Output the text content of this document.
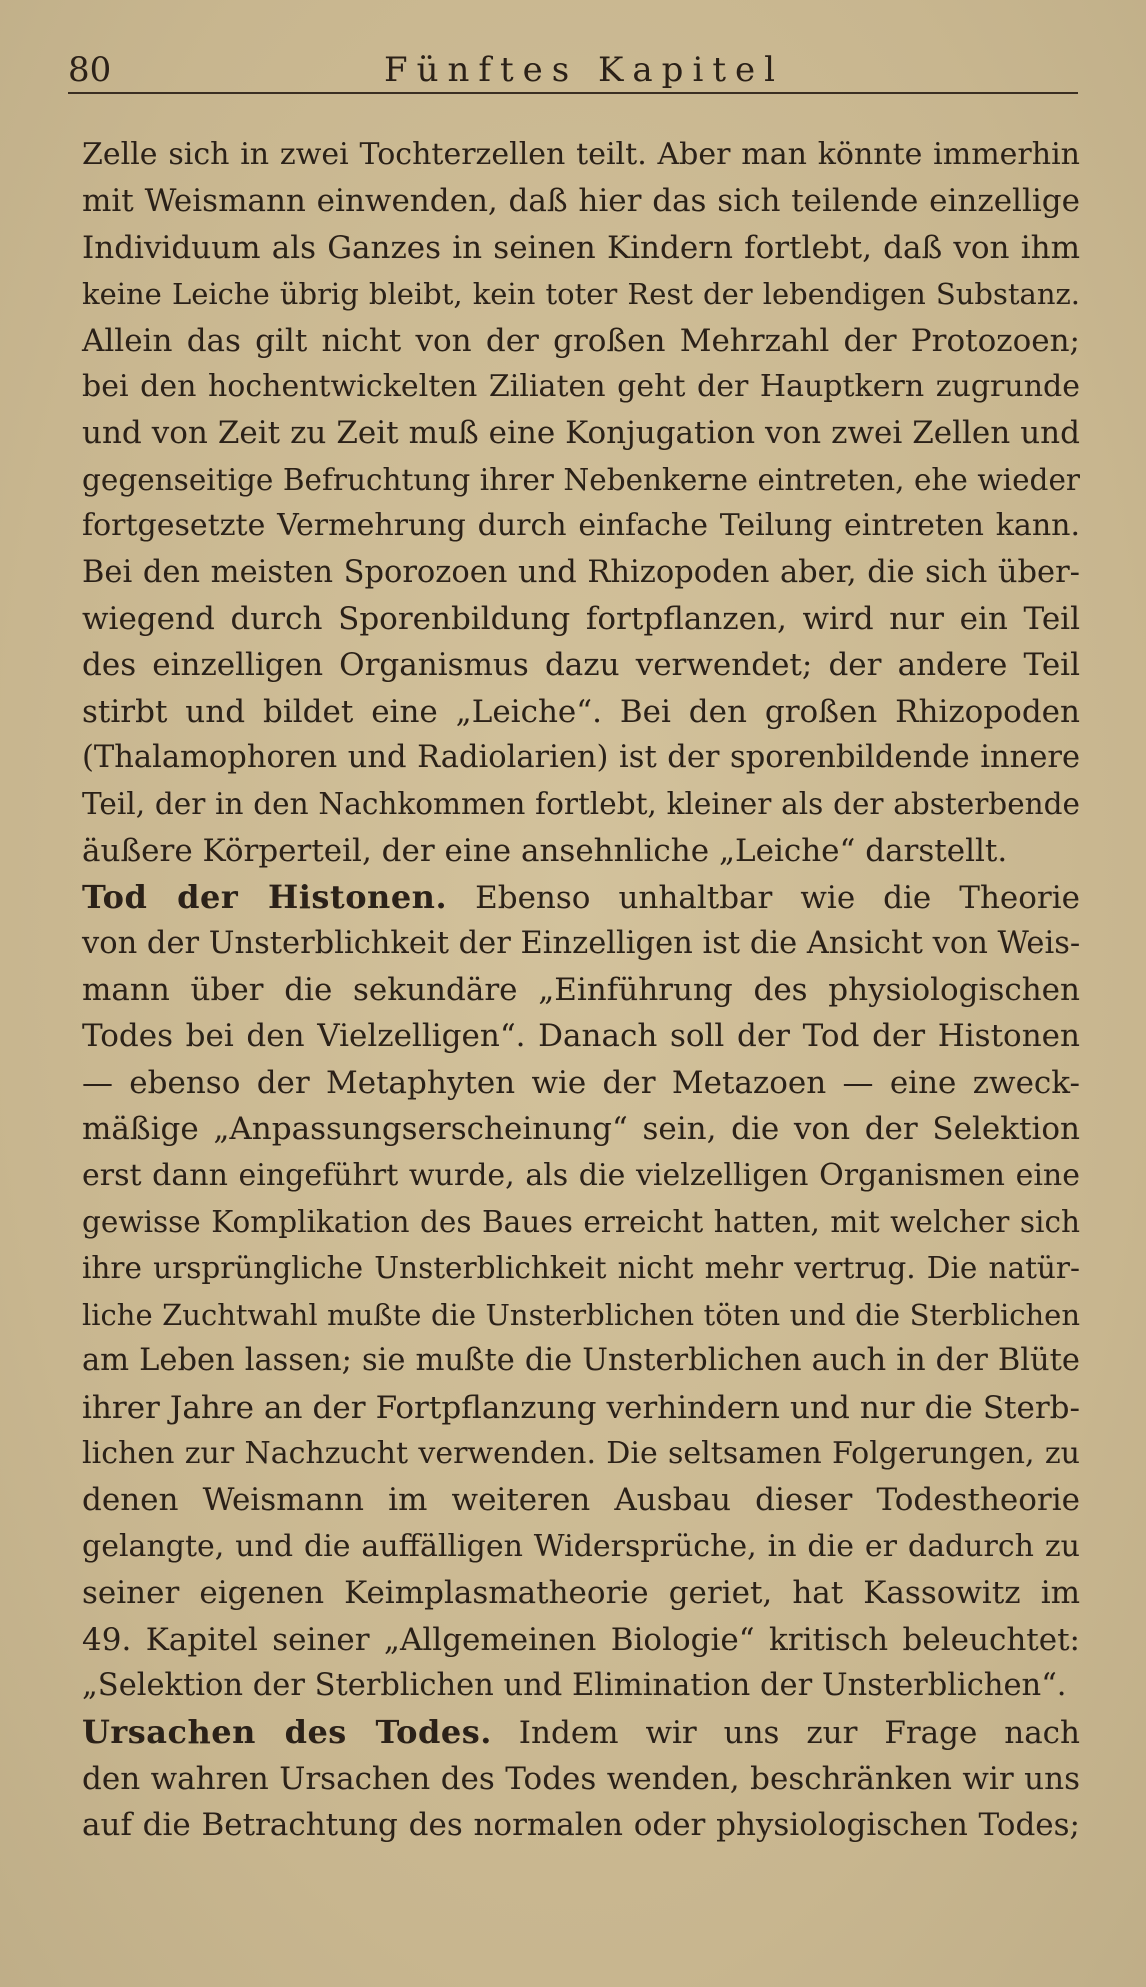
80	Fünftes Kapitel
Zelle sich in zwei Tochterzellen teilt. Aber man könnte immerhin
mit Weismann einwenden, daß hier das sich teilende einzellige
Individuum als Ganzes in seinen Kindern fortlebt, daß von ihm
keine Leiche übrig bleibt, kein toter Rest der lebendigen Substanz.
Allein das gilt nicht von der großen Mehrzahl der Protozoen;
bei den hochentwickelten Ziliaten geht der Hauptkern zugrunde
und von Zeit zu Zeit muß eine Konjugation von zwei Zellen und
gegenseitige Befruchtung ihrer Nebenkerne eintreten, ehe wieder
fortgesetzte Vermehrung durch einfache Teilung eintreten kann.
Bei den meisten Sporozoen und Rhizopoden aber, die sich über-
wiegend durch Sporenbildung fortpflanzen, wird nur ein Teil
des einzelligen Organismus dazu verwendet; der andere Teil
stirbt und bildet eine „Leiche“. Bei den großen Rhizopoden
(Thalamophoren und Radiolarien) ist der sporenbildende innere
Teil, der in den Nachkommen fortlebt, kleiner als der absterbende
äußere Körperteil, der eine ansehnliche „Leiche“ darstellt.
Tod der Histonen. Ebenso unhaltbar wie die Theorie
von der Unsterblichkeit der Einzelligen ist die Ansicht von Weis-
mann über die sekundäre „Einführung des physiologischen
Todes bei den Vielzelligen“. Danach soll der Tod der Histonen
— ebenso der Metaphyten wie der Metazoen — eine zweck-
mäßige „Anpassungserscheinung“ sein, die von der Selektion
erst dann eingeführt wurde, als die vielzelligen Organismen eine
gewisse Komplikation des Baues erreicht hatten, mit welcher sich
ihre ursprüngliche Unsterblichkeit nicht mehr vertrug. Die natür-
liche Zuchtwahl mußte die Unsterblichen töten und die Sterblichen
am Leben lassen; sie mußte die Unsterblichen auch in der Blüte
ihrer Jahre an der Fortpflanzung verhindern und nur die Sterb-
lichen zur Nachzucht verwenden. Die seltsamen Folgerungen, zu
denen Weismann im weiteren Ausbau dieser Todestheorie
gelangte, und die auffälligen Widersprüche, in die er dadurch zu
seiner eigenen Keimplasmatheorie geriet, hat Kassowitz im
49. Kapitel seiner „Allgemeinen Biologie“ kritisch beleuchtet:
„Selektion der Sterblichen und Elimination der Unsterblichen“.
Ursachen des Todes. Indem wir uns zur Frage nach
den wahren Ursachen des Todes wenden, beschränken wir uns
auf die Betrachtung des normalen oder physiologischen Todes;
